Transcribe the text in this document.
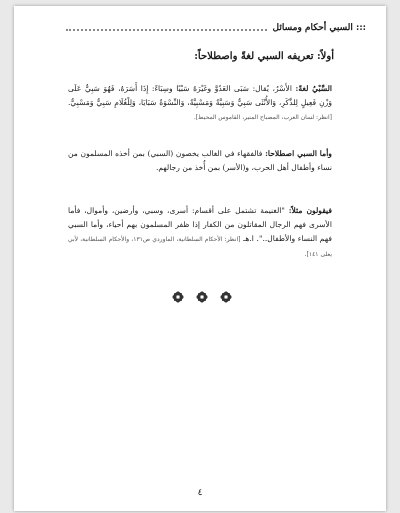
::: السبي أحكام ومسائل
أولاً: تعريفه السبي لغةً واصطلاحاً:

السَّبْيُ لغةً: الأَسْرُ، يُقال: سَبَى العَدُوَّ وغَيْرَهُ سَبْيًا وسِبَاءً: إِذَا أَسَرَهُ، فَهُوَ سَبِيٌّ عَلَى وَزْنِ فَعِيلٍ لِلذَّكَرِ، وَالأُنْثَى سَبِيٌّ وَسَبِيَّةٌ وَمَسْبِيَّةٌ، وَالنِّسْوَةُ سَبَايَا، وَلِلْغُلَامِ سَبِيٌّ وَمَسْبِيٌّ. [انظر: لسان العرب، المصباح المنير، القاموس المحيط].

وأما السبي اصطلاحا: فالفقهاء في الغالب يخصون (السبي) بمن أخذه المسلمون من نساء وأطفال أهل الحرب، و(الأسر) بمن أُخذ من رجالهم.

فيقولون مثلاً: "الغنيمة تشتمل على أقسام: أسرى، وسبي، وأرضين، وأموال، فأما الأسرى فهم الرجال المقاتلون من الكفار إذا ظفر المسلمون بهم أحياء، وأما السبي فهم النساء والأطفال..". ا.هـ [انظر: الأحكام السلطانية، الماوردي ص١٣١، والأحكام السلطانية، لأبي يعلى ١٤١].

٤
